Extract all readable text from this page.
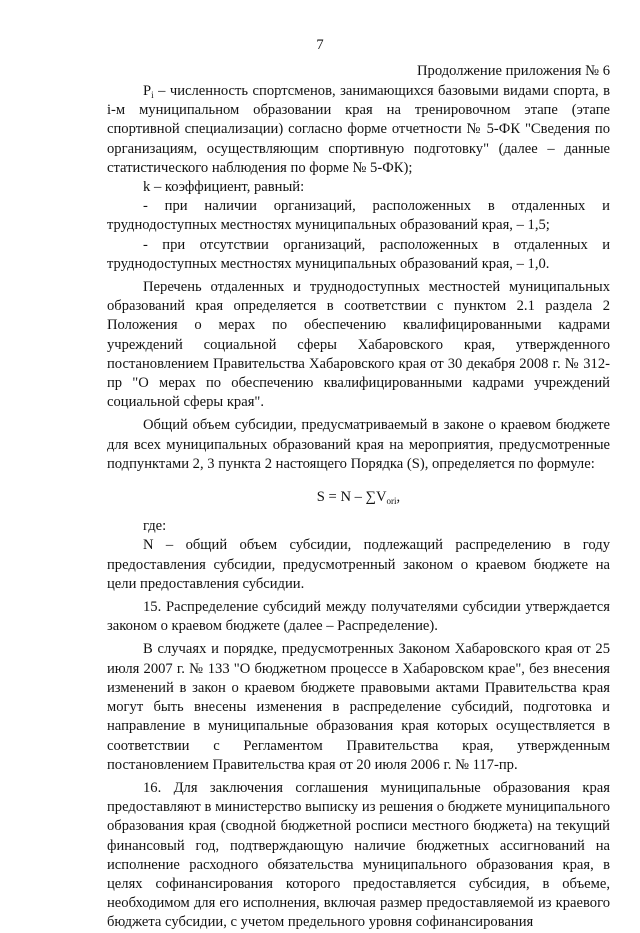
7
Продолжение приложения № 6

$P_i$ – численность спортсменов, занимающихся базовыми видами спорта, в i-м муниципальном образовании края на тренировочном этапе (этапе спортивной специализации) согласно форме отчетности № 5-ФК "Сведения по организациям, осуществляющим спортивную подготовку" (далее – данные статистического наблюдения по форме № 5-ФК);

k – коэффициент, равный:

- при наличии организаций, расположенных в отдаленных и труднодоступных местностях муниципальных образований края, – 1,5;

- при отсутствии организаций, расположенных в отдаленных и труднодоступных местностях муниципальных образований края, – 1,0.

Перечень отдаленных и труднодоступных местностей муниципальных образований края определяется в соответствии с пунктом 2.1 раздела 2 Положения о мерах по обеспечению квалифицированными кадрами учреждений социальной сферы Хабаровского края, утвержденного постановлением Правительства Хабаровского края от 30 декабря 2008 г. № 312-пр "О мерах по обеспечению квалифицированными кадрами учреждений социальной сферы края".

Общий объем субсидии, предусматриваемый в законе о краевом бюджете для всех муниципальных образований края на мероприятия, предусмотренные подпунктами 2, 3 пункта 2 настоящего Порядка (S), определяется по формуле:

$S = N - \sum V_{ori}$,

где:

N – общий объем субсидии, подлежащий распределению в году предоставления субсидии, предусмотренный законом о краевом бюджете на цели предоставления субсидии.

15. Распределение субсидий между получателями субсидии утверждается законом о краевом бюджете (далее – Распределение).

В случаях и порядке, предусмотренных Законом Хабаровского края от 25 июля 2007 г. № 133 "О бюджетном процессе в Хабаровском крае", без внесения изменений в закон о краевом бюджете правовыми актами Правительства края могут быть внесены изменения в распределение субсидий, подготовка и направление в муниципальные образования края которых осуществляется в соответствии с Регламентом Правительства края, утвержденным постановлением Правительства края от 20 июля 2006 г. № 117-пр.

16. Для заключения соглашения муниципальные образования края предоставляют в министерство выписку из решения о бюджете муниципального образования края (сводной бюджетной росписи местного бюджета) на текущий финансовый год, подтверждающую наличие бюджетных ассигнований на исполнение расходного обязательства муниципального образования края, в целях софинансирования которого предоставляется субсидия, в объеме, необходимом для его исполнения, включая размер предоставляемой из краевого бюджета субсидии, с учетом предельного уровня софинансирования
